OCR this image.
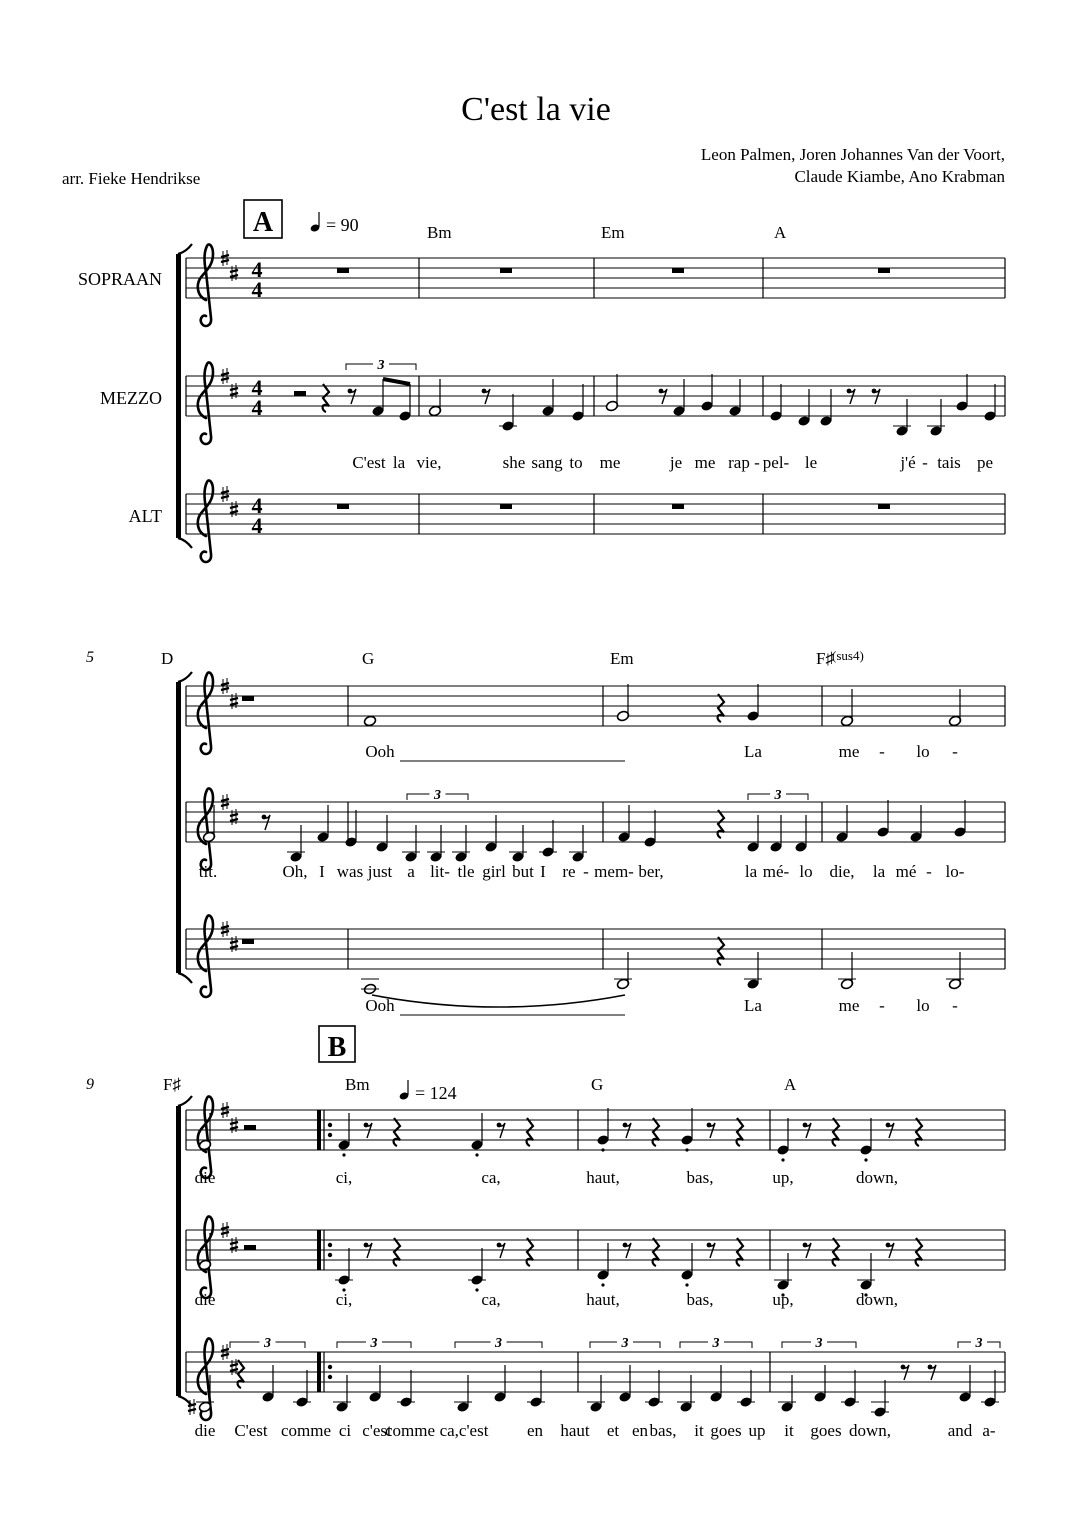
C'est la vie
Leon Palmen, Joren Johannes Van der Voort,
Claude Kiambe, Ano Krabman
arr. Fieke Hendrikse
SOPRAAN
MEZZO
ALT
A	= 90
B
= 124
5
9
Bm	Em	A
D	G	Em	F♯
(sus4)
F♯	Bm	G	A
4
4
4
4
4
4
3
3	3
3	3	3	3	3	3	3
Ooh	La	me - lo -
die	ci,	ca,	haut,	bas,	up,	down,
C'est la vie,	she sang to me	je me rap - pel- le	j'é - tais pe
tit.	Oh, I was just a lit- tle girl but I re - mem- ber,	la mé- lo die, la mé - lo-
die	ci,	ca,	haut,	bas,	up,	down,
Ooh	La	me - lo -
die C'est comme ci c'est
comme ca,c'est en haut et en bas, it goes up it goes down,	and a-
